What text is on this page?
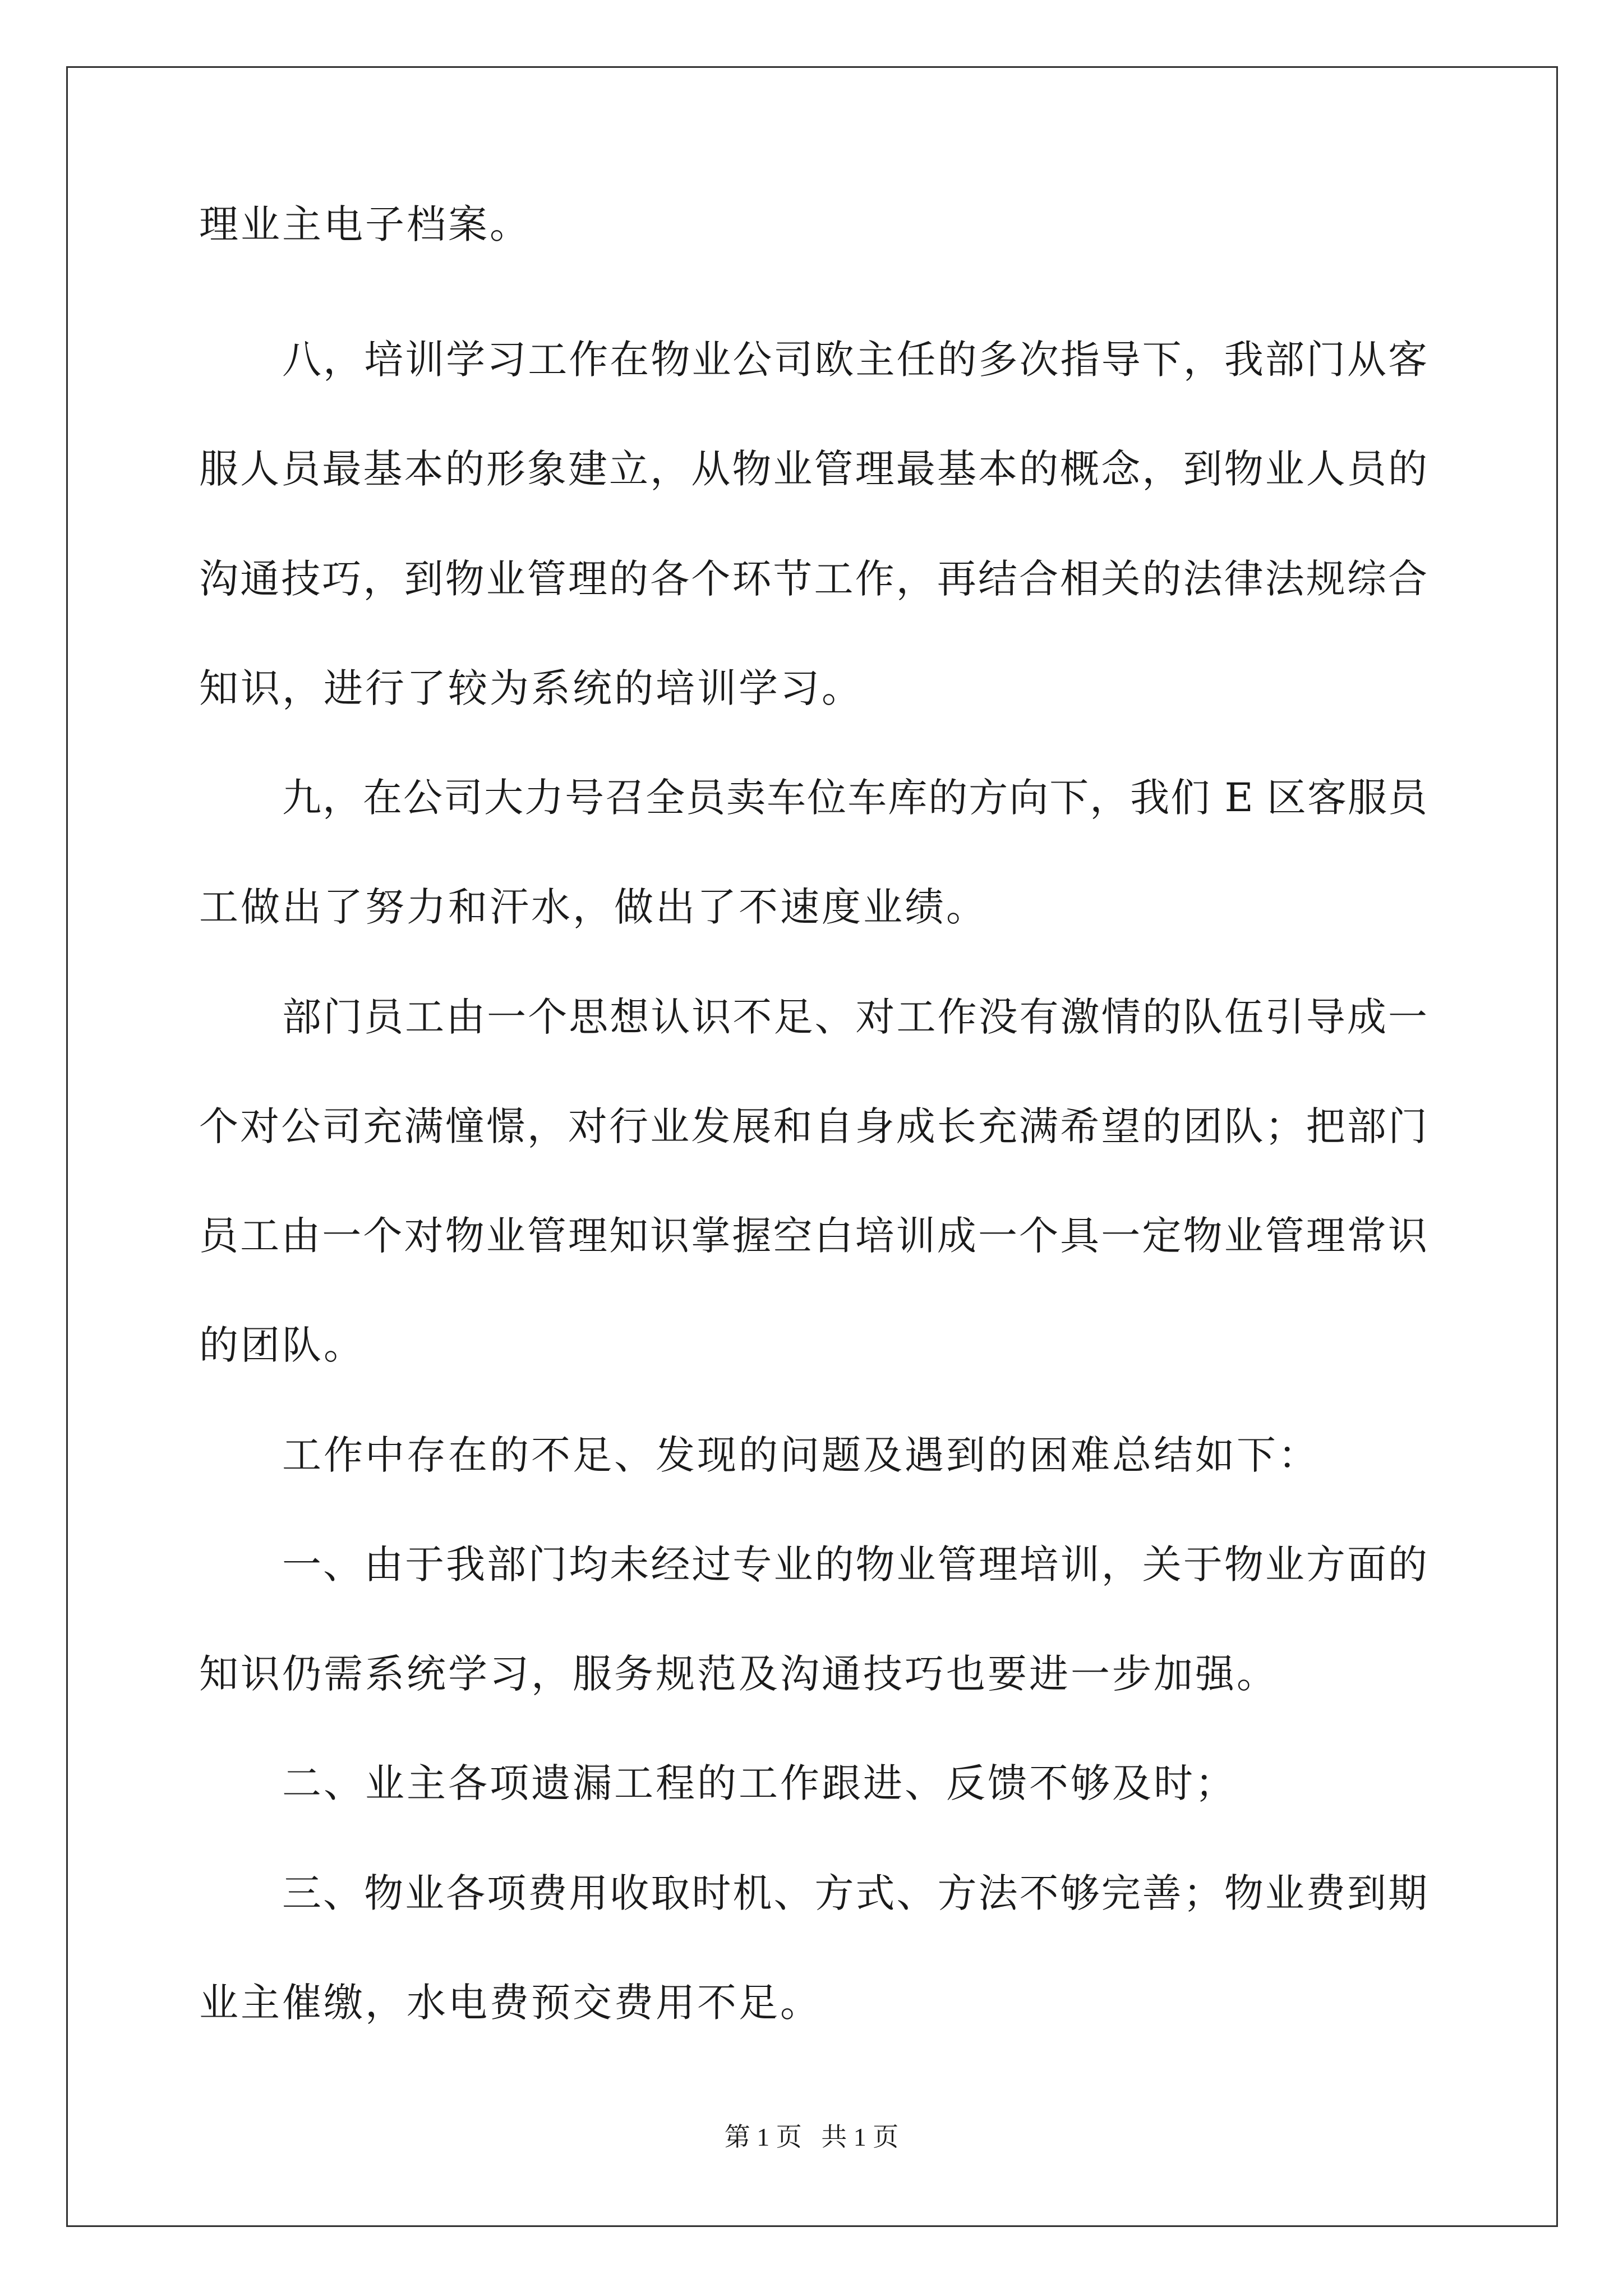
理业主电子档案。
八，培训学习工作在物业公司欧主任的多次指导下，我部门从客
服人员最基本的形象建立，从物业管理最基本的概念，到物业人员的
沟通技巧，到物业管理的各个环节工作，再结合相关的法律法规综合
知识，进行了较为系统的培训学习。
九，在公司大力号召全员卖车位车库的方向下，我们 E 区客服员
工做出了努力和汗水，做出了不速度业绩。
部门员工由一个思想认识不足、对工作没有激情的队伍引导成一
个对公司充满憧憬，对行业发展和自身成长充满希望的团队；把部门
员工由一个对物业管理知识掌握空白培训成一个具一定物业管理常识
的团队。
工作中存在的不足、发现的问题及遇到的困难总结如下：
一、由于我部门均未经过专业的物业管理培训，关于物业方面的
知识仍需系统学习，服务规范及沟通技巧也要进一步加强。
二、业主各项遗漏工程的工作跟进、反馈不够及时；
三、物业各项费用收取时机、方式、方法不够完善；物业费到期
业主催缴，水电费预交费用不足。
第 1 页   共 1 页
